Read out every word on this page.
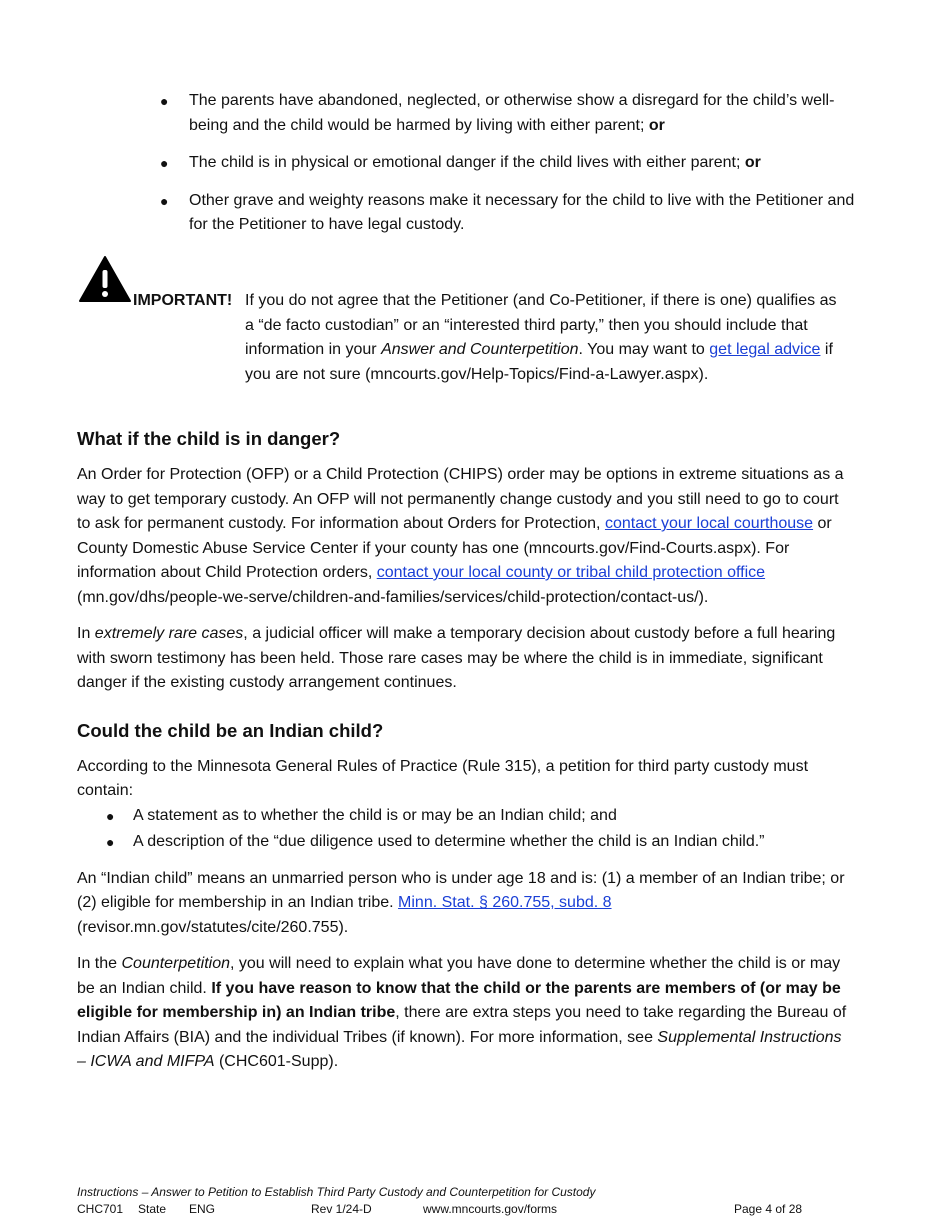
● The parents have abandoned, neglected, or otherwise show a disregard for the child’s well-being and the child would be harmed by living with either parent; or
● The child is in physical or emotional danger if the child lives with either parent; or
● Other grave and weighty reasons make it necessary for the child to live with the Petitioner and for the Petitioner to have legal custody.
IMPORTANT! If you do not agree that the Petitioner (and Co-Petitioner, if there is one) qualifies as a “de facto custodian” or an “interested third party,” then you should include that information in your Answer and Counterpetition. You may want to get legal advice if you are not sure (mncourts.gov/Help-Topics/Find-a-Lawyer.aspx).
What if the child is in danger?

An Order for Protection (OFP) or a Child Protection (CHIPS) order may be options in extreme situations as a way to get temporary custody. An OFP will not permanently change custody and you still need to go to court to ask for permanent custody. For information about Orders for Protection, contact your local courthouse or County Domestic Abuse Service Center if your county has one (mncourts.gov/Find-Courts.aspx). For information about Child Protection orders, contact your local county or tribal child protection office (mn.gov/dhs/people-we-serve/children-and-families/services/child-protection/contact-us/).

In extremely rare cases, a judicial officer will make a temporary decision about custody before a full hearing with sworn testimony has been held. Those rare cases may be where the child is in immediate, significant danger if the existing custody arrangement continues.

Could the child be an Indian child?

According to the Minnesota General Rules of Practice (Rule 315), a petition for third party custody must contain:

● A statement as to whether the child is or may be an Indian child; and
● A description of the “due diligence used to determine whether the child is an Indian child.”

An “Indian child” means an unmarried person who is under age 18 and is: (1) a member of an Indian tribe; or (2) eligible for membership in an Indian tribe. Minn. Stat. § 260.755, subd. 8 (revisor.mn.gov/statutes/cite/260.755).

In the Counterpetition, you will need to explain what you have done to determine whether the child is or may be an Indian child. If you have reason to know that the child or the parents are members of (or may be eligible for membership in) an Indian tribe, there are extra steps you need to take regarding the Bureau of Indian Affairs (BIA) and the individual Tribes (if known). For more information, see Supplemental Instructions – ICWA and MIFPA (CHC601-Supp).

Instructions – Answer to Petition to Establish Third Party Custody and Counterpetition for Custody
CHC701 State ENG	Rev 1/24-D	www.mncourts.gov/forms	Page 4 of 28
